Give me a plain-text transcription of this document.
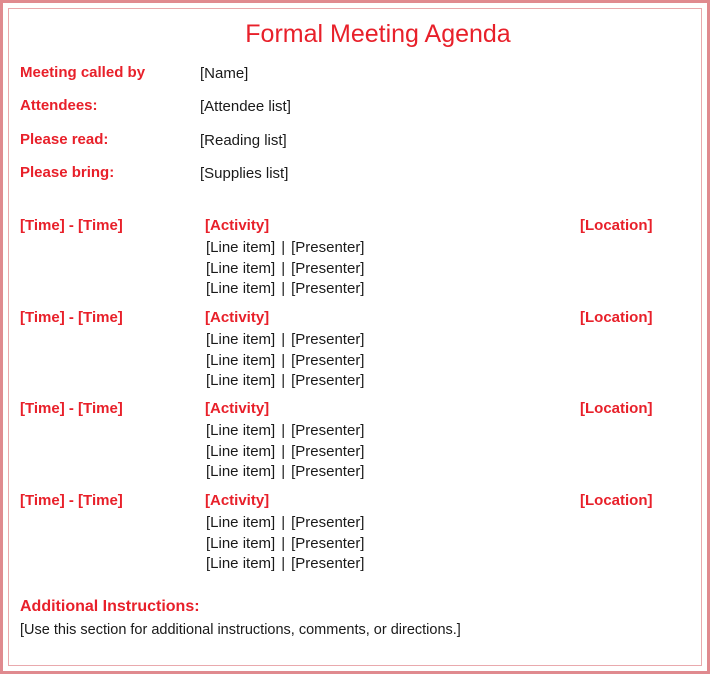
Formal Meeting Agenda
Meeting called by	[Name]
Attendees:	[Attendee list]
Please read:	[Reading list]
Please bring:	[Supplies list]
[Time] - [Time]	[Activity]	[Location]
[Line item] | [Presenter]
[Line item] | [Presenter]
[Line item] | [Presenter]
[Time] - [Time]	[Activity]	[Location]
[Line item] | [Presenter]
[Line item] | [Presenter]
[Line item] | [Presenter]
[Time] - [Time]	[Activity]	[Location]
[Line item] | [Presenter]
[Line item] | [Presenter]
[Line item] | [Presenter]
[Time] - [Time]	[Activity]	[Location]
[Line item] | [Presenter]
[Line item] | [Presenter]
[Line item] | [Presenter]
Additional Instructions:
[Use this section for additional instructions, comments, or directions.]
